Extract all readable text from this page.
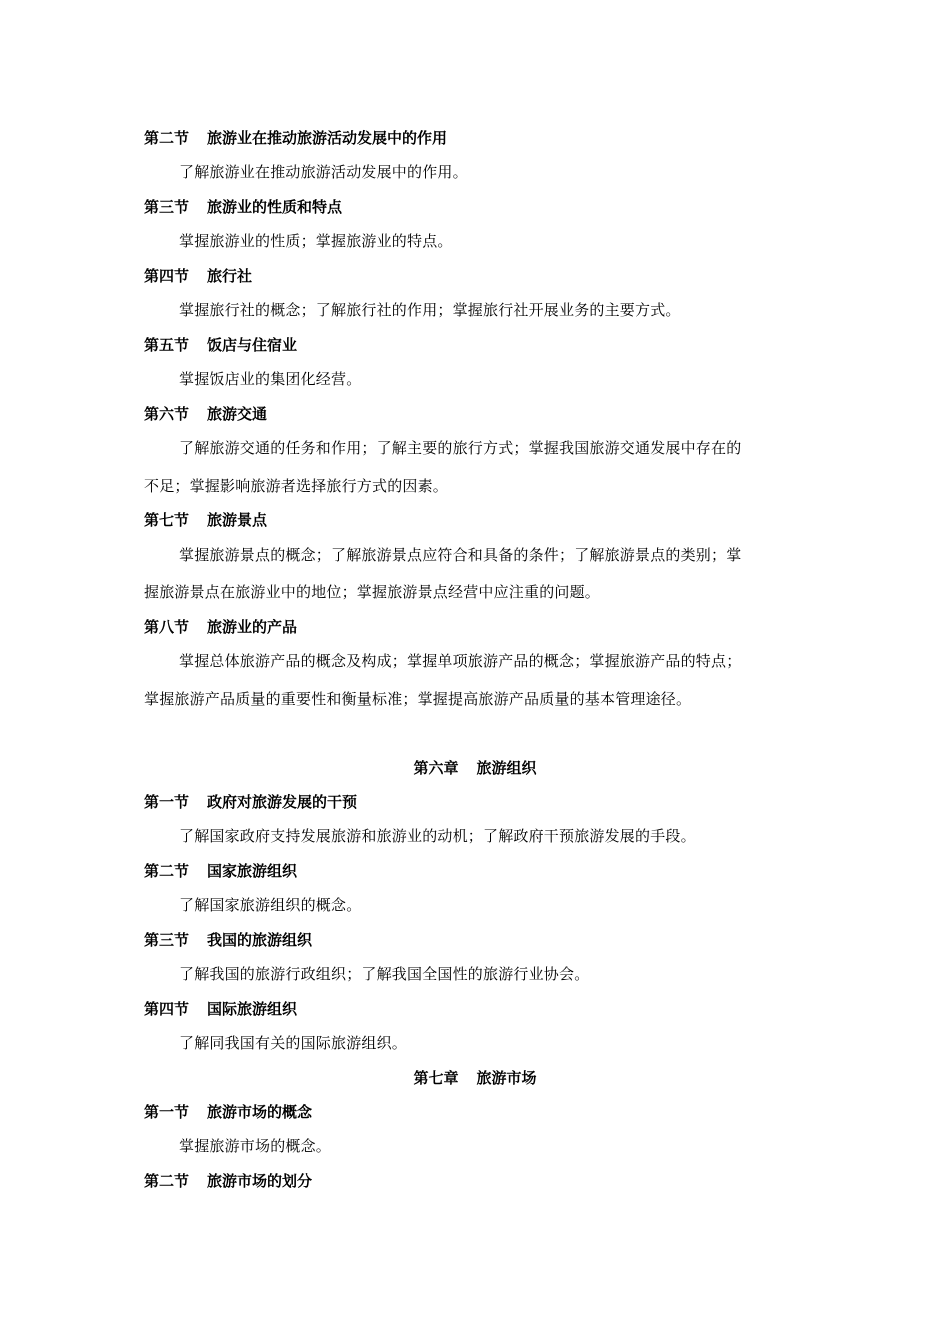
第二节 旅游业在推动旅游活动发展中的作用
了解旅游业在推动旅游活动发展中的作用。
第三节 旅游业的性质和特点
掌握旅游业的性质；掌握旅游业的特点。
第四节 旅行社
掌握旅行社的概念；了解旅行社的作用；掌握旅行社开展业务的主要方式。
第五节 饭店与住宿业
掌握饭店业的集团化经营。
第六节 旅游交通
了解旅游交通的任务和作用；了解主要的旅行方式；掌握我国旅游交通发展中存在的
不足；掌握影响旅游者选择旅行方式的因素。
第七节 旅游景点
掌握旅游景点的概念；了解旅游景点应符合和具备的条件；了解旅游景点的类别；掌
握旅游景点在旅游业中的地位；掌握旅游景点经营中应注重的问题。
第八节 旅游业的产品
掌握总体旅游产品的概念及构成；掌握单项旅游产品的概念；掌握旅游产品的特点；
掌握旅游产品质量的重要性和衡量标准；掌握提高旅游产品质量的基本管理途径。
第六章 旅游组织
第一节 政府对旅游发展的干预
了解国家政府支持发展旅游和旅游业的动机；了解政府干预旅游发展的手段。
第二节 国家旅游组织
了解国家旅游组织的概念。
第三节 我国的旅游组织
了解我国的旅游行政组织；了解我国全国性的旅游行业协会。
第四节 国际旅游组织
了解同我国有关的国际旅游组织。
第七章 旅游市场
第一节 旅游市场的概念
掌握旅游市场的概念。
第二节 旅游市场的划分
